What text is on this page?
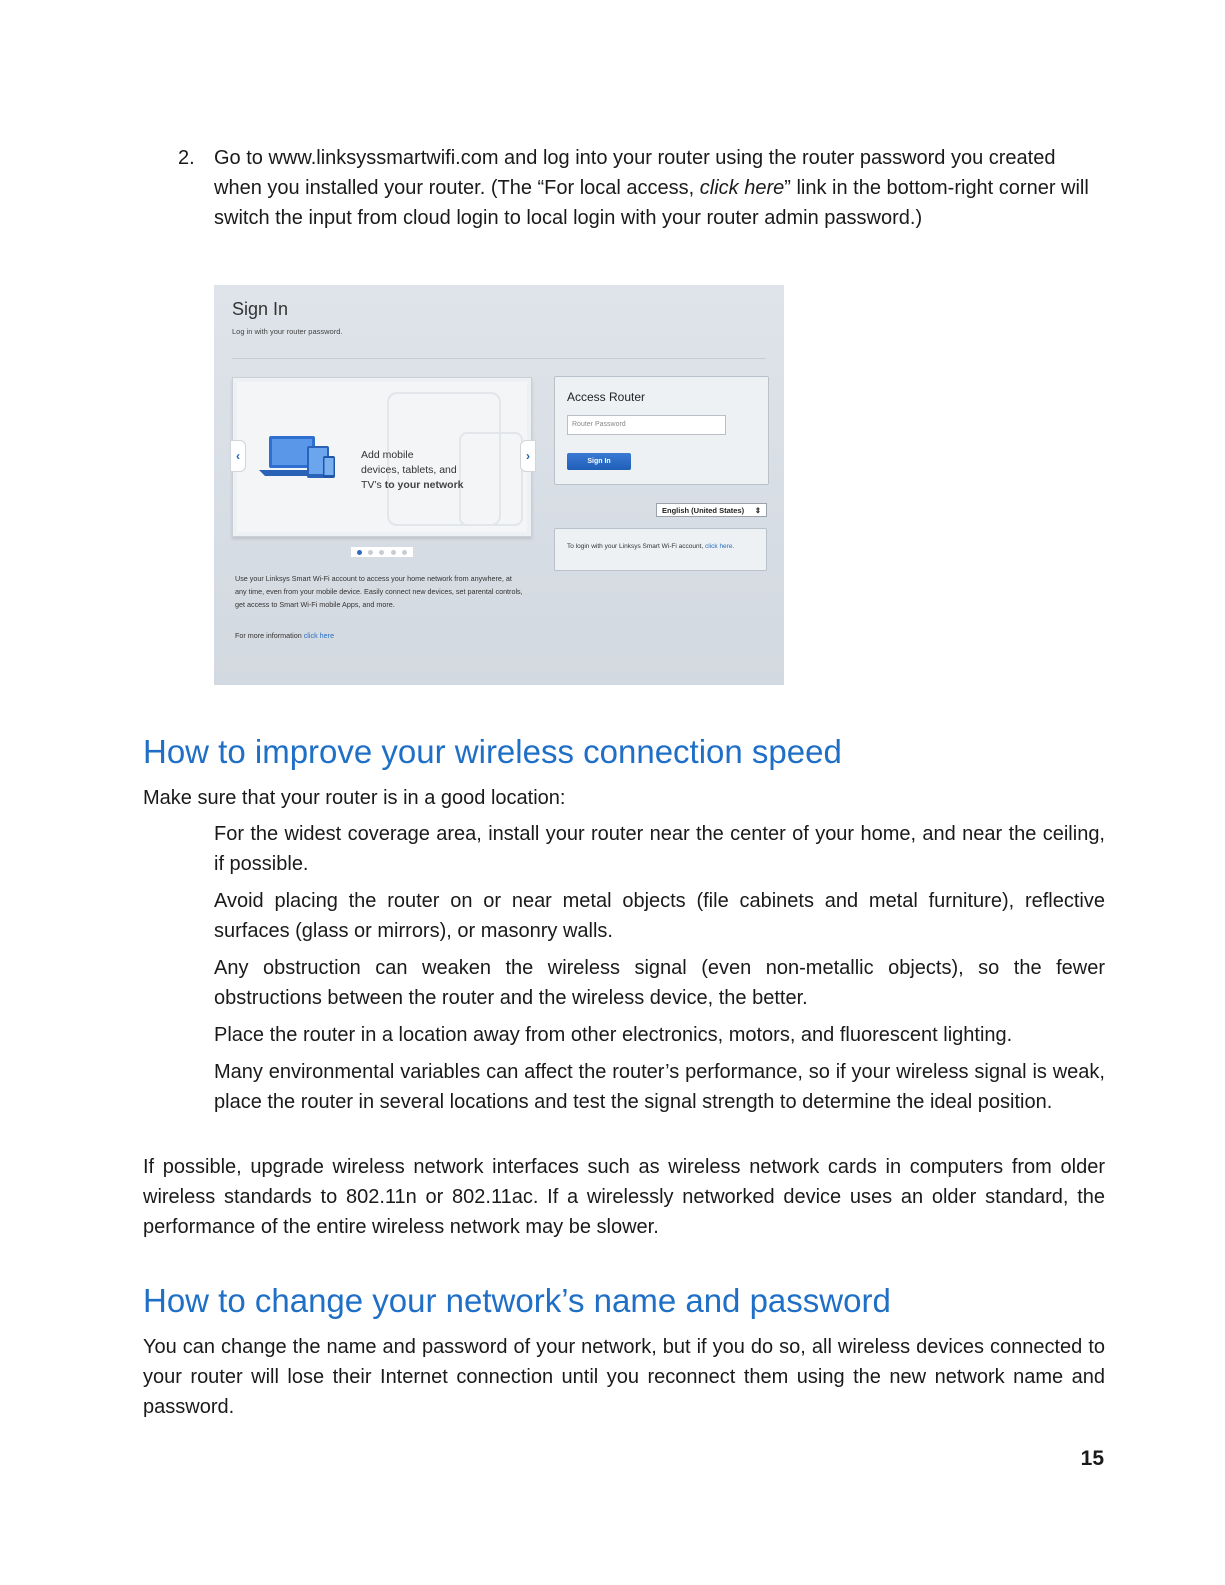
2. Go to www.linksyssmartwifi.com and log into your router using the router password you created when you installed your router. (The “For local access, click here” link in the bottom-right corner will switch the input from cloud login to local login with your router admin password.)
Sign In
Log in with your router password.
Add mobile
devices, tablets, and
TV’s to your network
‹	›
Access Router
Router Password
Sign In
English (United States) ⇕
To login with your Linksys Smart Wi-Fi account, click here.
Use your Linksys Smart Wi-Fi account to access your home network from anywhere, at any time, even from your mobile device. Easily connect new devices, set parental controls, get access to Smart Wi-Fi mobile Apps, and more.
For more information click here
How to improve your wireless connection speed

Make sure that your router is in a good location:

For the widest coverage area, install your router near the center of your home, and near the ceiling, if possible.

Avoid placing the router on or near metal objects (file cabinets and metal furniture), reflective surfaces (glass or mirrors), or masonry walls.

Any obstruction can weaken the wireless signal (even non-metallic objects), so the fewer obstructions between the router and the wireless device, the better.

Place the router in a location away from other electronics, motors, and fluorescent lighting.

Many environmental variables can affect the router’s performance, so if your wireless signal is weak, place the router in several locations and test the signal strength to determine the ideal position.

If possible, upgrade wireless network interfaces such as wireless network cards in computers from older wireless standards to 802.11n or 802.11ac. If a wirelessly networked device uses an older standard, the performance of the entire wireless network may be slower.

How to change your network’s name and password

You can change the name and password of your network, but if you do so, all wireless devices connected to your router will lose their Internet connection until you reconnect them using the new network name and password.

15
